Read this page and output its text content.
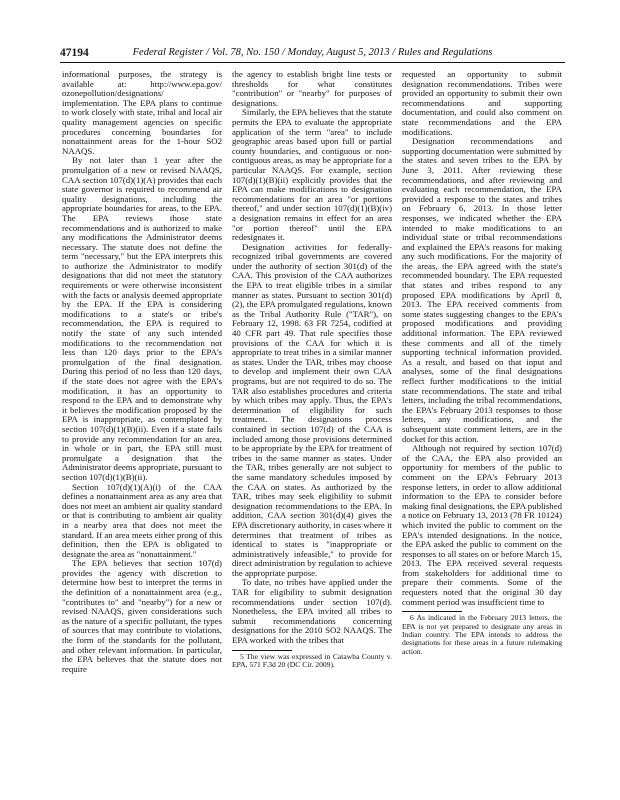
47194	Federal Register / Vol. 78, No. 150 / Monday, August 5, 2013 / Rules and Regulations

informational purposes, the strategy is available at: http://www.epa.gov/ ozonepollution/designations/ implementation. The EPA plans to continue to work closely with state, tribal and local air quality management agencies on specific procedures concerning boundaries for nonattainment areas for the 1-hour SO2 NAAQS.

By not later than 1 year after the promulgation of a new or revised NAAQS, CAA section 107(d)(1)(A) provides that each state governor is required to recommend air quality designations, including the appropriate boundaries for areas, to the EPA. The EPA reviews those state recommendations and is authorized to make any modifications the Administrator deems necessary. The statute does not define the term "necessary," but the EPA interprets this to authorize the Administrator to modify designations that did not meet the statutory requirements or were otherwise inconsistent with the facts or analysis deemed appropriate by the EPA. If the EPA is considering modifications to a state's or tribe's recommendation, the EPA is required to notify the state of any such intended modifications to the recommendation not less than 120 days prior to the EPA's promulgation of the final designation. During this period of no less than 120 days, if the state does not agree with the EPA's modification, it has an opportunity to respond to the EPA and to demonstrate why it believes the modification proposed by the EPA is inappropriate, as contemplated by section 107(d)(1)(B)(ii). Even if a state fails to provide any recommendation for an area, in whole or in part, the EPA still must promulgate a designation that the Administrator deems appropriate, pursuant to section 107(d)(1)(B)(ii).

Section 107(d)(1)(A)(i) of the CAA defines a nonattainment area as any area that does not meet an ambient air quality standard or that is contributing to ambient air quality in a nearby area that does not meet the standard. If an area meets either prong of this definition, then the EPA is obligated to designate the area as "nonattainment."

The EPA believes that section 107(d) provides the agency with discretion to determine how best to interpret the terms in the definition of a nonattainment area (e.g., "contributes to" and "nearby") for a new or revised NAAQS, given considerations such as the nature of a specific pollutant, the types of sources that may contribute to violations, the form of the standards for the pollutant, and other relevant information. In particular, the EPA believes that the statute does not require

the agency to establish bright line tests or thresholds for what constitutes "contribution" or "nearby" for purposes of designations.

Similarly, the EPA believes that the statute permits the EPA to evaluate the appropriate application of the term "area" to include geographic areas based upon full or partial county boundaries, and contiguous or non-contiguous areas, as may be appropriate for a particular NAAQS. For example, section 107(d)(1)(B)(ii) explicitly provides that the EPA can make modifications to designation recommendations for an area "or portions thereof," and under section 107(d)(1)(B)(iv) a designation remains in effect for an area "or portion thereof" until the EPA redesignates it.

Designation activities for federally-recognized tribal governments are covered under the authority of section 301(d) of the CAA. This provision of the CAA authorizes the EPA to treat eligible tribes in a similar manner as states. Pursuant to section 301(d)(2), the EPA promulgated regulations, known as the Tribal Authority Rule ("TAR"), on February 12, 1998. 63 FR 7254, codified at 40 CFR part 49. That rule specifies those provisions of the CAA for which it is appropriate to treat tribes in a similar manner as states. Under the TAR, tribes may choose to develop and implement their own CAA programs, but are not required to do so. The TAR also establishes procedures and criteria by which tribes may apply. Thus, the EPA's determination of eligibility for such treatment. The designations process contained in section 107(d) of the CAA is included among those provisions determined to be appropriate by the EPA for treatment of tribes in the same manner as states. Under the TAR, tribes generally are not subject to the same mandatory schedules imposed by the CAA on states. As authorized by the TAR, tribes may seek eligibility to submit designation recommendations to the EPA. In addition, CAA section 301(d)(4) gives the EPA discretionary authority, in cases where it determines that treatment of tribes as identical to states is "inappropriate or administratively infeasible," to provide for direct administration by regulation to achieve the appropriate purpose.

To date, no tribes have applied under the TAR for eligibility to submit designation recommendations under section 107(d). Nonetheless, the EPA invited all tribes to submit recommendations concerning designations for the 2010 SO2 NAAQS. The EPA worked with the tribes that

5 The view was expressed in Catawba County v. EPA, 571 F.3d 20 (DC Cir. 2009).

requested an opportunity to submit designation recommendations. Tribes were provided an opportunity to submit their own recommendations and supporting documentation, and could also comment on state recommendations and the EPA modifications.

Designation recommendations and supporting documentation were submitted by the states and seven tribes to the EPA by June 3, 2011. After reviewing these recommendations, and after reviewing and evaluating each recommendation, the EPA provided a response to the states and tribes on February 6, 2013. In those letter responses, we indicated whether the EPA intended to make modifications to an individual state or tribal recommendations and explained the EPA's reasons for making any such modifications. For the majority of the areas, the EPA agreed with the state's recommended boundary. The EPA requested that states and tribes respond to any proposed EPA modifications by April 8, 2013. The EPA received comments from some states suggesting changes to the EPA's proposed modifications and providing additional information. The EPA reviewed these comments and all of the timely supporting technical information provided. As a result, and based on that input and analyses, some of the final designations reflect further modifications to the initial state recommendations. The state and tribal letters, including the tribal recommendations, the EPA's February 2013 responses to those letters, any modifications, and the subsequent state comment letters, are in the docket for this action.

Although not required by section 107(d) of the CAA, the EPA also provided an opportunity for members of the public to comment on the EPA's February 2013 response letters, in order to allow additional information to the EPA to consider before making final designations, the EPA published a notice on February 13, 2013 (78 FR 10124) which invited the public to comment on the EPA's intended designations. In the notice, the EPA asked the public to comment on the responses to all states on or before March 15, 2013. The EPA received several requests from stakeholders for additional time to prepare their comments. Some of the requesters noted that the original 30 day comment period was insufficient time to

6 As indicated in the February 2013 letters, the EPA is not yet prepared to designate any areas in Indian country. The EPA intends to address the designations for these areas in a future rulemaking action.
